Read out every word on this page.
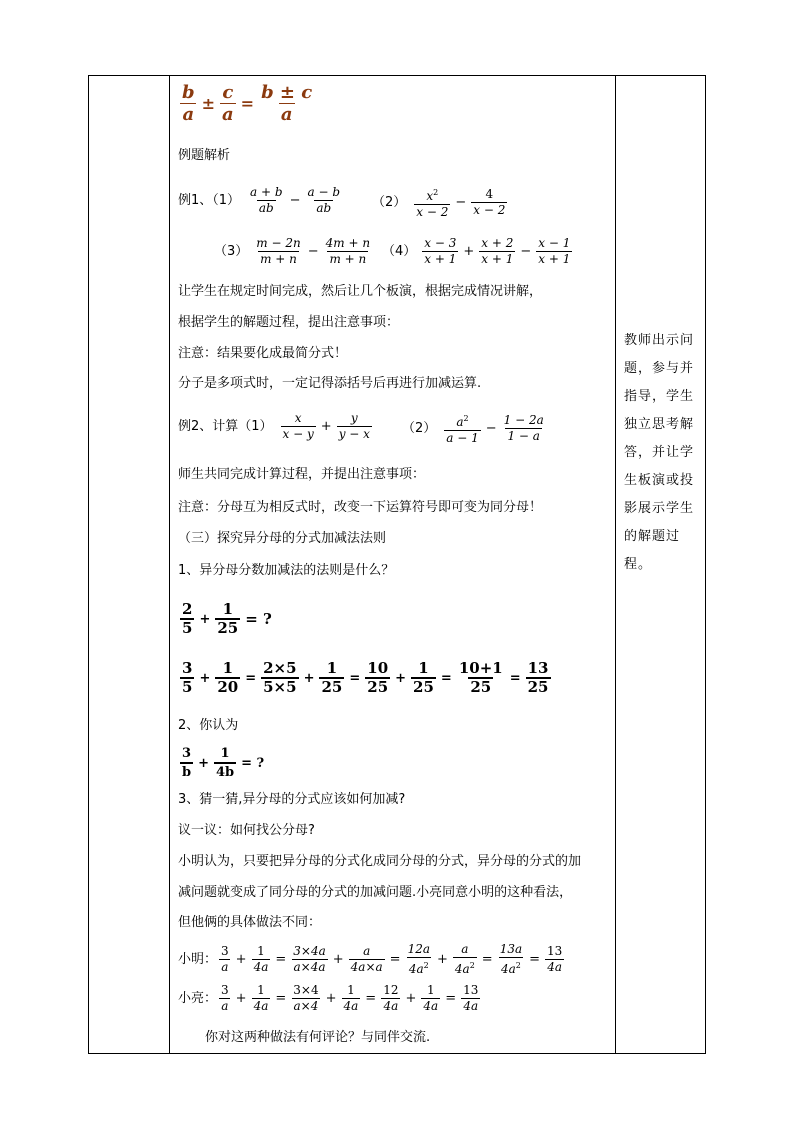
$\frac{b}{a} \pm \frac{c}{a} = \frac{b \pm c}{a}$
例题解析
例1、$(1) \frac{a + b}{ab} - \frac{a - b}{ab} (2) \frac{x^2}{x - 2} - \frac{4}{x - 2}$
$(3) \frac{m - 2n}{m + n} - \frac{4m + n}{m + n} (4) \frac{x - 3}{x + 1} + \frac{x + 2}{x + 1} - \frac{x - 1}{x + 1}$
让学生在规定时间完成，然后让几个板演，根据完成情况讲解，
根据学生的解题过程，提出注意事项：
注意：结果要化成最简分式！
分子是多项式时，一定记得添括号后再进行加减运算.
例2、计算$(1) \frac{x}{x - y} + \frac{y}{y - x} (2) \frac{a^2}{a - 1} - \frac{1 - 2a}{1 - a}$
师生共同完成计算过程，并提出注意事项：
注意：分母互为相反式时，改变一下运算符号即可变为同分母！
（三）探究异分母的分式加减法法则
1、异分母分数加减法的法则是什么？
$\frac{2}{5} + \frac{1}{25}$ = ?
$\frac{3}{5} + \frac{1}{20} = \frac{2\times 5}{5\times 5} + \frac{1}{25} = \frac{10}{25} + \frac{1}{25} = \frac{10+1}{25} = \frac{13}{25}$
2、你认为
$\frac{3}{b} + \frac{1}{4b}$ = ?
3、猜一猜,异分母的分式应该如何加减?
议一议：如何找公分母?
小明认为，只要把异分母的分式化成同分母的分式，异分母的分式的加
减问题就变成了同分母的分式的加减问题.小亮同意小明的这种看法，
但他俩的具体做法不同：
小明： $\frac{3}{a} + \frac{1}{4a} = \frac{3\times 4a}{a\times 4a} + \frac{a}{4a\times a} = \frac{12a}{4a^2} + \frac{a}{4a^2} = \frac{13a}{4a^2} = \frac{13}{4a}$
小亮： $\frac{3}{a} + \frac{1}{4a} = \frac{3\times 4}{a\times 4} + \frac{1}{4a} = \frac{12}{4a} + \frac{1}{4a} = \frac{13}{4a}$
你对这两种做法有何评论？与同伴交流.
教师出示问题，参与并指导，学生独立思考解答，并让学生板演或投影展示学生的解题过程。
